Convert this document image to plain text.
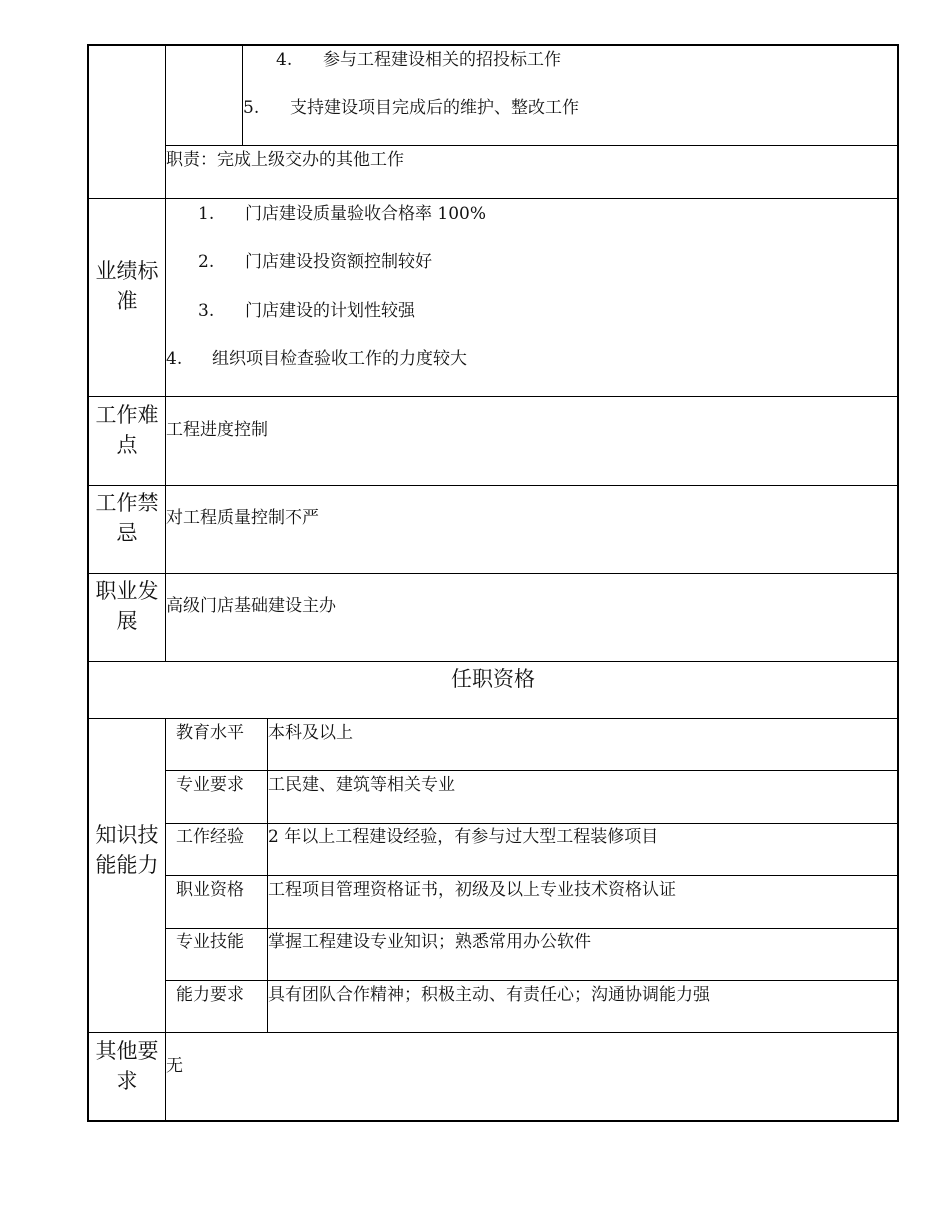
4. 参与工程建设相关的招投标工作
5. 支持建设项目完成后的维护、整改工作
职责：完成上级交办的其他工作
业绩标准
1. 门店建设质量验收合格率 100%
2. 门店建设投资额控制较好
3. 门店建设的计划性较强
4. 组织项目检查验收工作的力度较大
工作难点
工程进度控制
工作禁忌
对工程质量控制不严
职业发展
高级门店基础建设主办
任职资格
知识技能能力
教育水平 本科及以上
专业要求 工民建、建筑等相关专业
工作经验 2 年以上工程建设经验，有参与过大型工程装修项目
职业资格 工程项目管理资格证书，初级及以上专业技术资格认证
专业技能 掌握工程建设专业知识；熟悉常用办公软件
能力要求 具有团队合作精神；积极主动、有责任心；沟通协调能力强
其他要求
无
